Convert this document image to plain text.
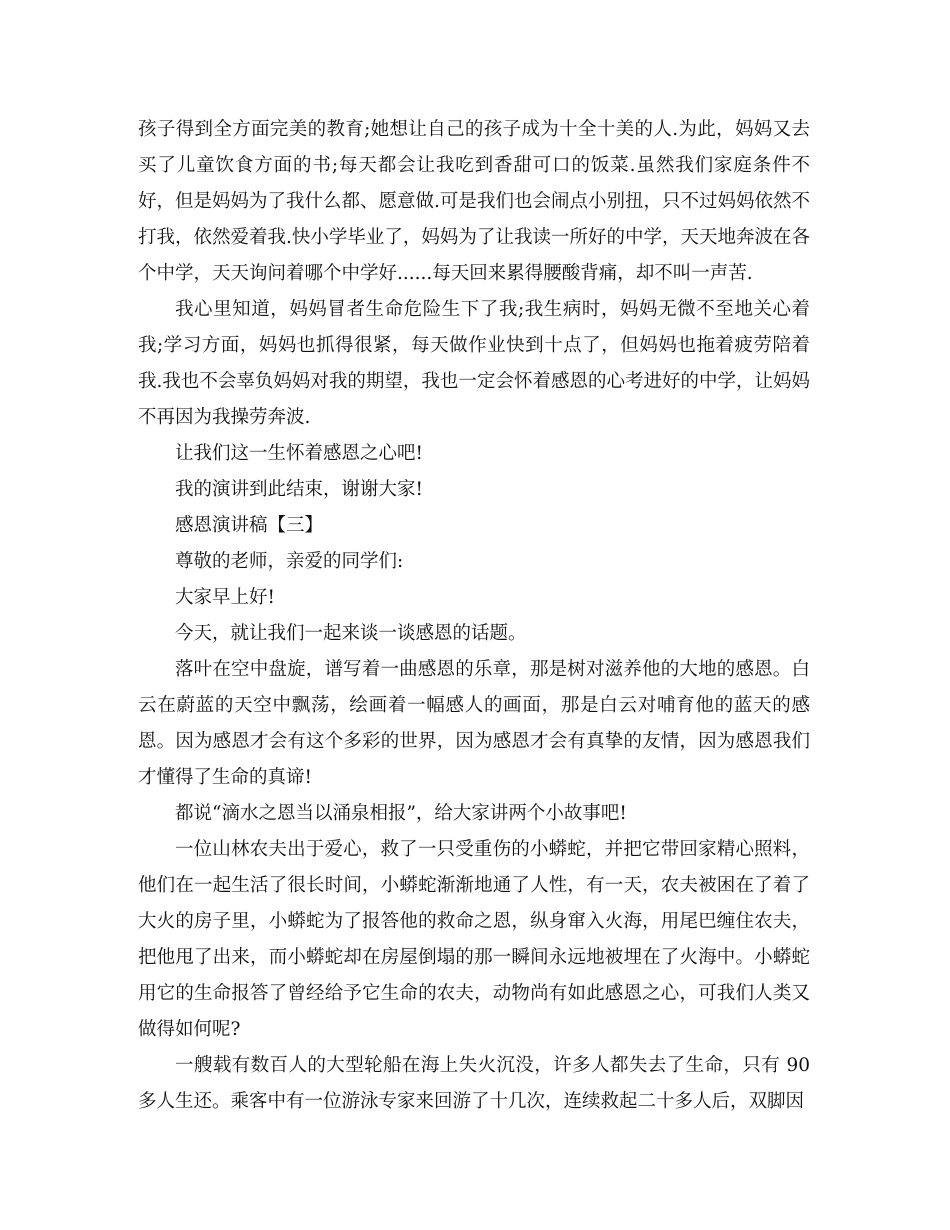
孩子得到全方面完美的教育;她想让自己的孩子成为十全十美的人.为此，妈妈又去买了儿童饮食方面的书;每天都会让我吃到香甜可口的饭菜.虽然我们家庭条件不好，但是妈妈为了我什么都、愿意做.可是我们也会闹点小别扭，只不过妈妈依然不打我，依然爱着我.快小学毕业了，妈妈为了让我读一所好的中学，天天地奔波在各个中学，天天询问着哪个中学好......每天回来累得腰酸背痛，却不叫一声苦.

我心里知道，妈妈冒者生命危险生下了我;我生病时，妈妈无微不至地关心着我;学习方面，妈妈也抓得很紧，每天做作业快到十点了，但妈妈也拖着疲劳陪着我.我也不会辜负妈妈对我的期望，我也一定会怀着感恩的心考进好的中学，让妈妈不再因为我操劳奔波.

让我们这一生怀着感恩之心吧!

我的演讲到此结束，谢谢大家!

感恩演讲稿【三】

尊敬的老师，亲爱的同学们:

大家早上好!

今天，就让我们一起来谈一谈感恩的话题。

落叶在空中盘旋，谱写着一曲感恩的乐章，那是树对滋养他的大地的感恩。白云在蔚蓝的天空中飘荡，绘画着一幅感人的画面，那是白云对哺育他的蓝天的感恩。因为感恩才会有这个多彩的世界，因为感恩才会有真挚的友情，因为感恩我们才懂得了生命的真谛!

都说“滴水之恩当以涌泉相报”，给大家讲两个小故事吧!

一位山林农夫出于爱心，救了一只受重伤的小蟒蛇，并把它带回家精心照料，他们在一起生活了很长时间，小蟒蛇渐渐地通了人性，有一天，农夫被困在了着了大火的房子里，小蟒蛇为了报答他的救命之恩，纵身窜入火海，用尾巴缠住农夫，把他甩了出来，而小蟒蛇却在房屋倒塌的那一瞬间永远地被埋在了火海中。小蟒蛇用它的生命报答了曾经给予它生命的农夫，动物尚有如此感恩之心，可我们人类又做得如何呢?

一艘载有数百人的大型轮船在海上失火沉没，许多人都失去了生命，只有 90 多人生还。乘客中有一位游泳专家来回游了十几次，连续救起二十多人后，双脚因
